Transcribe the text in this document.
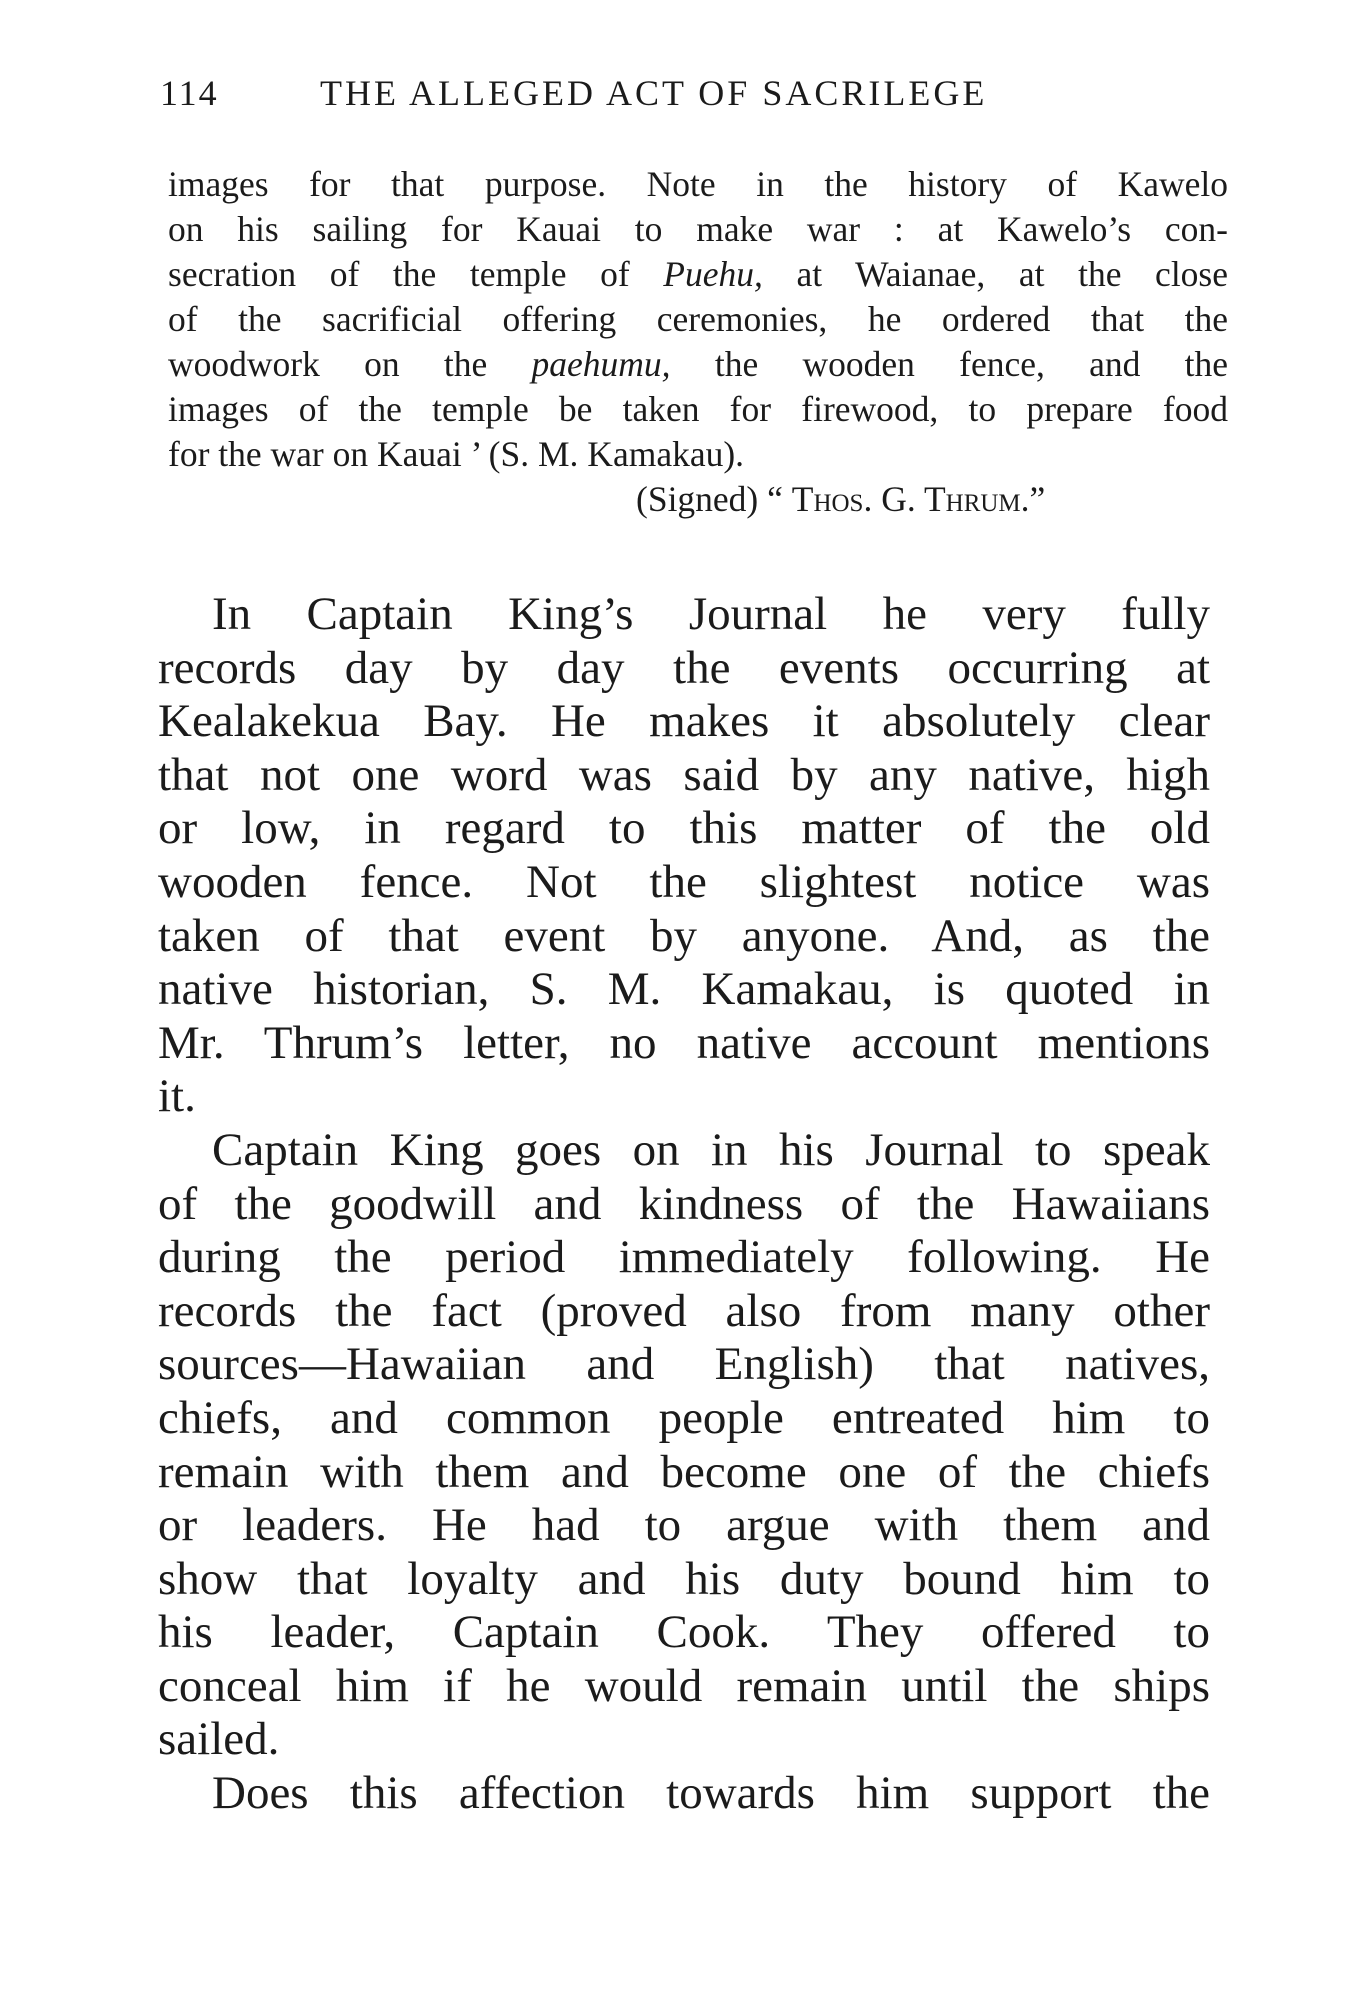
114	THE ALLEGED ACT OF SACRILEGE
images for that purpose. Note in the history of Kawelo
on his sailing for Kauai to make war : at Kawelo’s con-
secration of the temple of Puehu, at Waianae, at the close
of the sacrificial offering ceremonies, he ordered that the
woodwork on the paehumu, the wooden fence, and the
images of the temple be taken for firewood, to prepare food
for the war on Kauai ’ (S. M. Kamakau).
(Signed) “ Thos. G. Thrum.”
In Captain King’s Journal he very fully
records day by day the events occurring at
Kealakekua Bay. He makes it absolutely clear
that not one word was said by any native, high
or low, in regard to this matter of the old
wooden fence. Not the slightest notice was
taken of that event by anyone. And, as the
native historian, S. M. Kamakau, is quoted in
Mr. Thrum’s letter, no native account mentions
it.
Captain King goes on in his Journal to speak
of the goodwill and kindness of the Hawaiians
during the period immediately following. He
records the fact (proved also from many other
sources—Hawaiian and English) that natives,
chiefs, and common people entreated him to
remain with them and become one of the chiefs
or leaders. He had to argue with them and
show that loyalty and his duty bound him to
his leader, Captain Cook. They offered to
conceal him if he would remain until the ships
sailed.
Does this affection towards him support the
